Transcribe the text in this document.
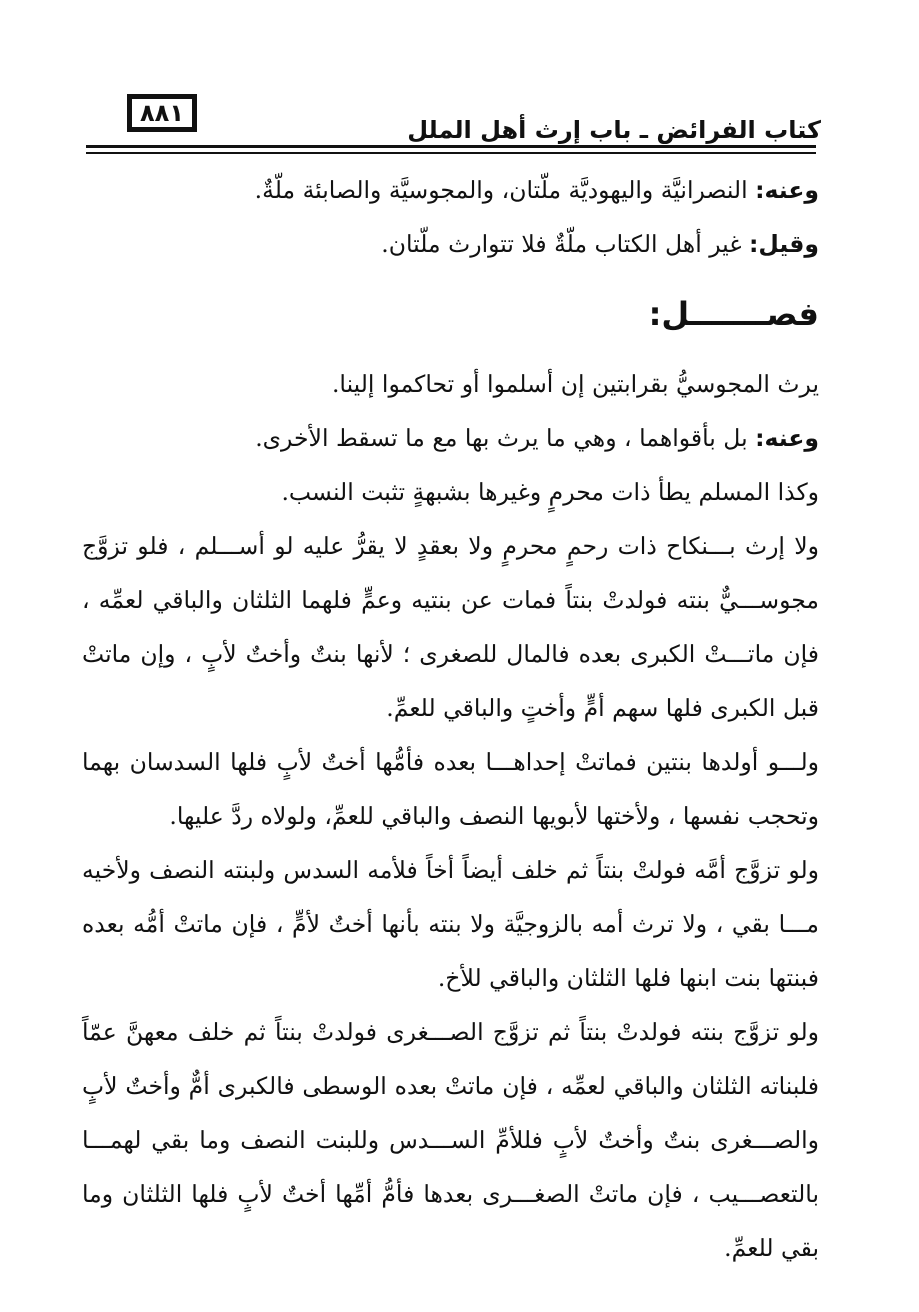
٨٨١
كتاب الفرائض ـ باب إرث أهل الملل

وعنه: النصرانيَّة واليهوديَّة ملّتان، والمجوسيَّة والصابئة ملّةٌ.

وقيل: غير أهل الكتاب ملّةٌ فلا تتوارث ملّتان.

فصـــــــل:

يرث المجوسيُّ بقرابتين إن أسلموا أو تحاكموا إلينا.

وعنه: بل بأقواهما ، وهي ما يرث بها مع ما تسقط الأخرى.

وكذا المسلم يطأ ذات محرمٍ وغيرها بشبهةٍ تثبت النسب.

ولا إرث بـــنكاح ذات رحمٍ محرمٍ ولا بعقدٍ لا يقرُّ عليه لو أســـلم ، فلو تزوَّج مجوســـيٌّ بنته فولدتْ بنتاً فمات عن بنتيه وعمٍّ فلهما الثلثان والباقي لعمِّه ، فإن ماتـــتْ الكبرى بعده فالمال للصغرى ؛ لأنها بنتٌ وأختٌ لأبٍ ، وإن ماتتْ قبل الكبرى فلها سهم أمٍّ وأختٍ والباقي للعمِّ.

ولـــو أولدها بنتين فماتتْ إحداهـــا بعده فأمُّها أختٌ لأبٍ فلها السدسان بهما وتحجب نفسها ، ولأختها لأبويها النصف والباقي للعمِّ، ولولاه ردَّ عليها.

ولو تزوَّج أمَّه فولتْ بنتاً ثم خلف أيضاً أخاً فلأمه السدس ولبنته النصف ولأخيه مـــا بقي ، ولا ترث أمه بالزوجيَّة ولا بنته بأنها أختٌ لأمٍّ ، فإن ماتتْ أمُّه بعده فبنتها بنت ابنها فلها الثلثان والباقي للأخ.

ولو تزوَّج بنته فولدتْ بنتاً ثم تزوَّج الصـــغرى فولدتْ بنتاً ثم خلف معهنَّ عمّاً فلبناته الثلثان والباقي لعمِّه ، فإن ماتتْ بعده الوسطى فالكبرى أمٌّ وأختٌ لأبٍ والصـــغرى بنتٌ وأختٌ لأبٍ فللأمِّ الســـدس وللبنت النصف وما بقي لهمـــا بالتعصـــيب ، فإن ماتتْ الصغـــرى بعدها فأمُّ أمِّها أختٌ لأبٍ فلها الثلثان وما بقي للعمِّ.
